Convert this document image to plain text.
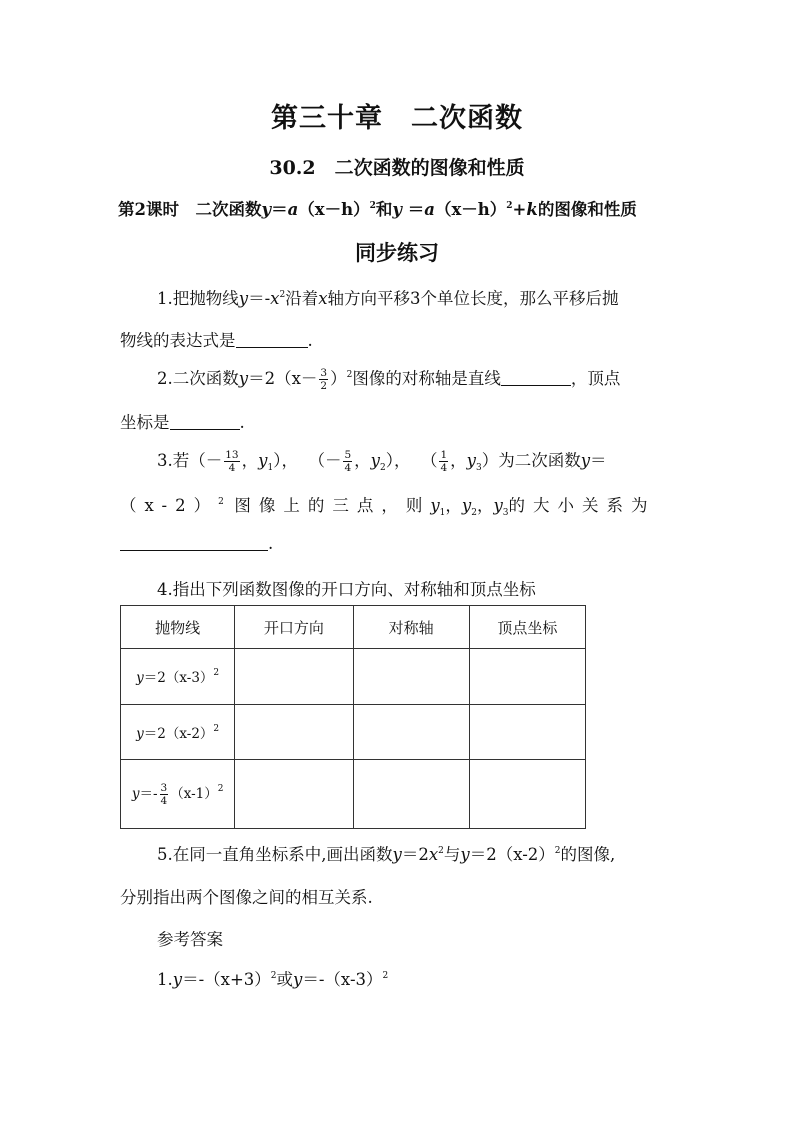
第三十章　二次函数
30.2　二次函数的图像和性质
第2课时　二次函数$y=a(x-h)^2$和$y =a(x-h)^2+k$的图像和性质
同步练习
1.把抛物线$y=-x^2$沿着x轴方向平移3个单位长度，那么平移后抛
物线的表达式是	.
2.二次函数$y=2(x- \frac{3}{2} )^2$图像的对称轴是直线	，顶点
坐标是	.
3.若（－ $\frac{13}{4}$ ，$y_1$）， （－ $\frac{5}{4}$ ，$y_2$）， （ $\frac{1}{4}$ ，$y_3$）为二次函数y＝
$(x-2)^2$ 图像上的三点，则$y_1$，$y_2$，$y_3$的大小关系为
.
4.指出下列函数图像的开口方向、对称轴和顶点坐标
抛物线	开口方向	对称轴	顶点坐标
$y=2(x-3)^2$			
$y=2(x-2)^2$			
$y=- \frac{3}{4} (x-1)^2$			
5.在同一直角坐标系中,画出函数$y=2x^2$与$y=2(x-2)^2$的图像,
分别指出两个图像之间的相互关系.
参考答案
$1.y=-(x+3)^2$或$y=-(x-3)^2$
